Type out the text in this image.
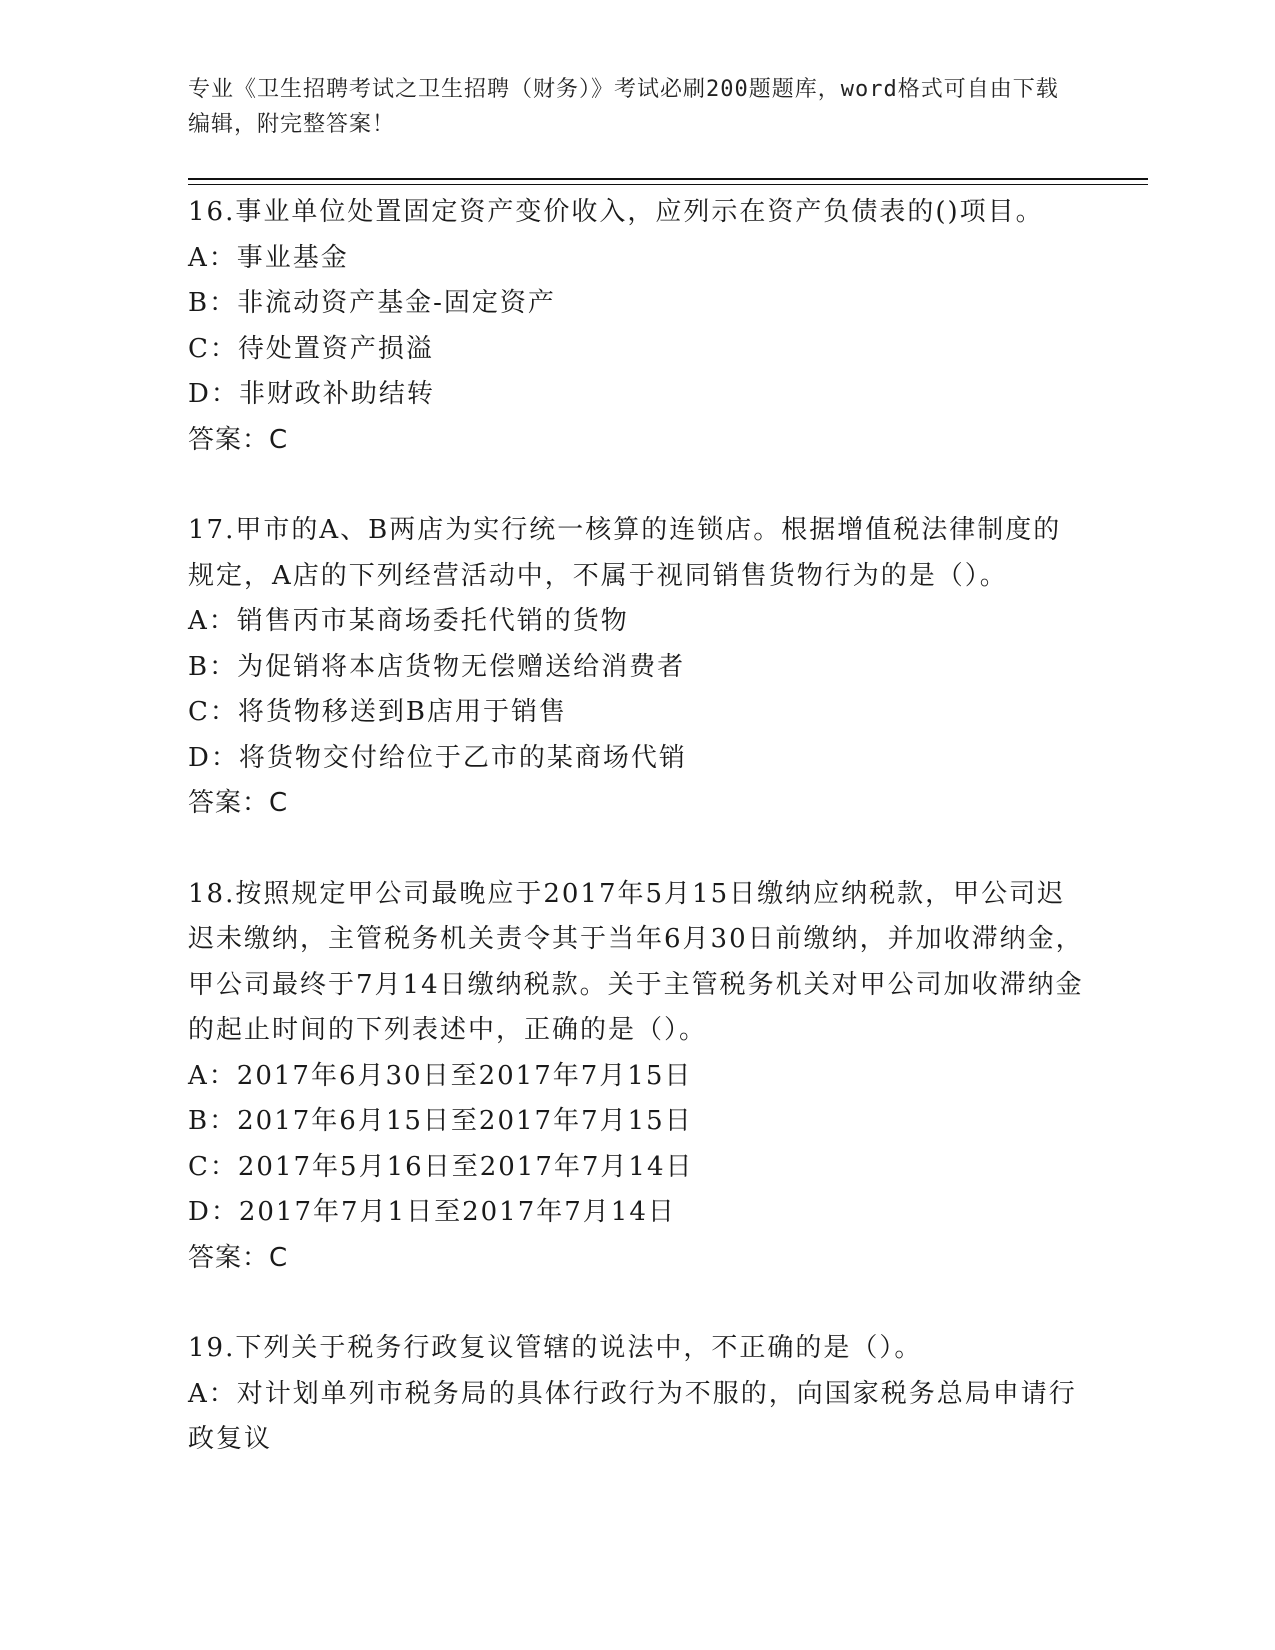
专业《卫生招聘考试之卫生招聘（财务）》考试必刷200题题库，word格式可自由下载编辑，附完整答案！

16.事业单位处置固定资产变价收入，应列示在资产负债表的()项目。

A：事业基金

B：非流动资产基金-固定资产

C：待处置资产损溢

D：非财政补助结转

答案：C

17.甲市的A、B两店为实行统一核算的连锁店。根据增值税法律制度的规定，A店的下列经营活动中，不属于视同销售货物行为的是（）。

A：销售丙市某商场委托代销的货物

B：为促销将本店货物无偿赠送给消费者

C：将货物移送到B店用于销售

D：将货物交付给位于乙市的某商场代销

答案：C

18.按照规定甲公司最晚应于2017年5月15日缴纳应纳税款，甲公司迟迟未缴纳，主管税务机关责令其于当年6月30日前缴纳，并加收滞纳金，甲公司最终于7月14日缴纳税款。关于主管税务机关对甲公司加收滞纳金的起止时间的下列表述中，正确的是（）。

A：2017年6月30日至2017年7月15日

B：2017年6月15日至2017年7月15日

C：2017年5月16日至2017年7月14日

D：2017年7月1日至2017年7月14日

答案：C

19.下列关于税务行政复议管辖的说法中，不正确的是（）。

A：对计划单列市税务局的具体行政行为不服的，向国家税务总局申请行政复议
